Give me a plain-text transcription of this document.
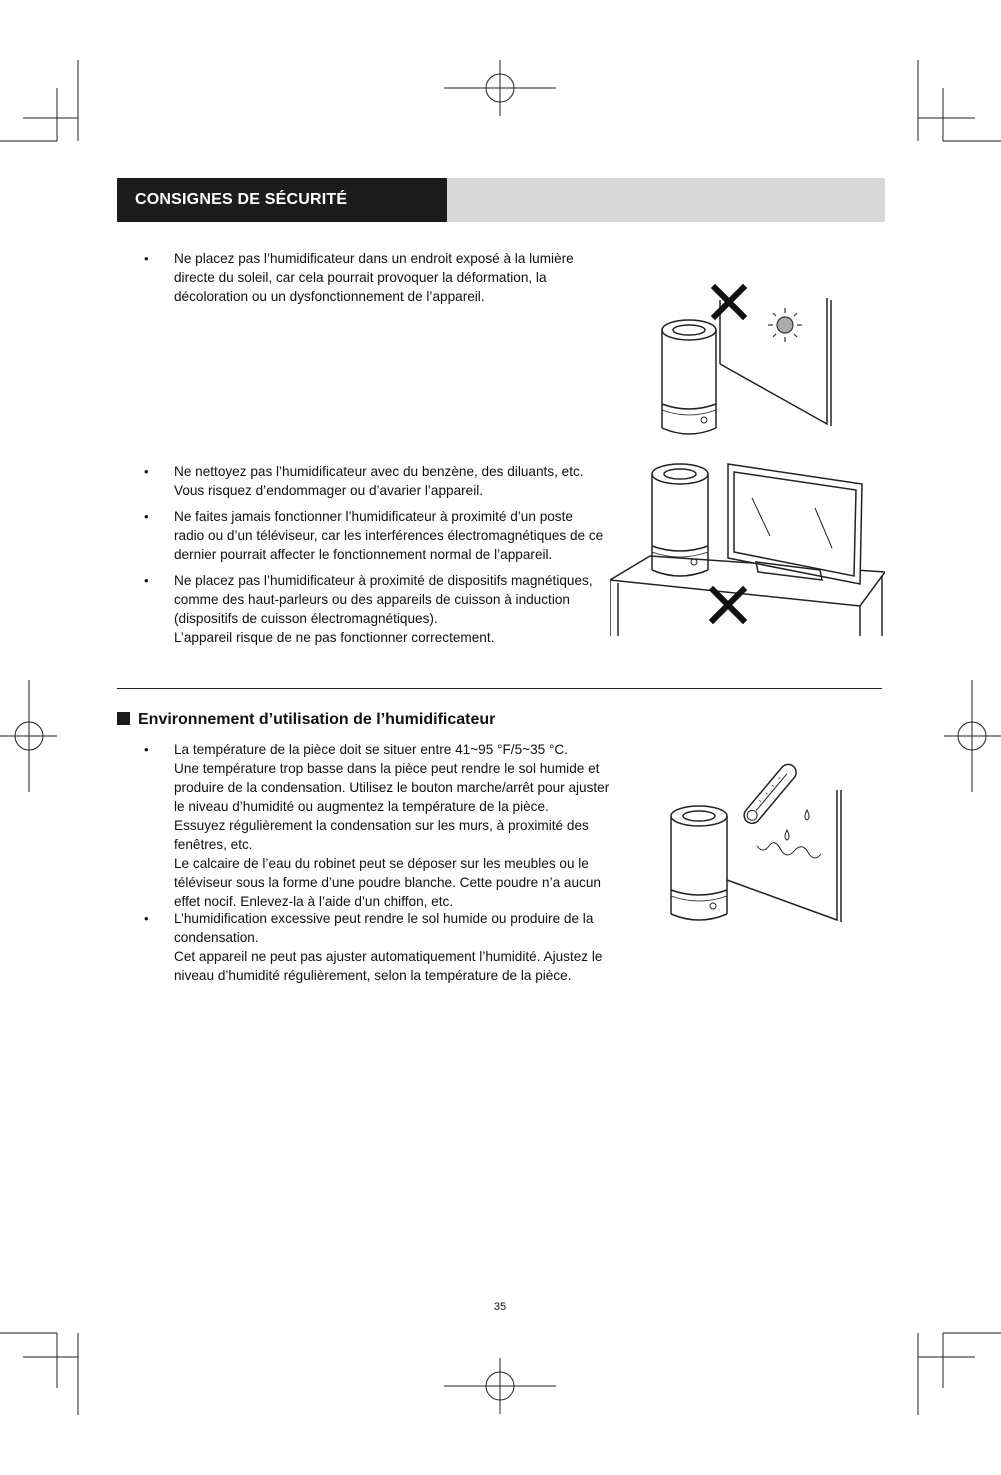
CONSIGNES DE SÉCURITÉ IMPORTANTES
• Ne placez pas l’humidificateur dans un endroit exposé à la lumière

directe du soleil, car cela pourrait provoquer la déformation, la

décoloration ou un dysfonctionnement de l’appareil.

• Ne nettoyez pas l’humidificateur avec du benzène, des diluants, etc.

Vous risquez d’endommager ou d’avarier l’appareil.

• Ne faites jamais fonctionner l’humidificateur à proximité d’un poste

radio ou d’un téléviseur, car les interférences électromagnétiques de ce

dernier pourrait affecter le fonctionnement normal de l’appareil.

• Ne placez pas l’humidificateur à proximité de dispositifs magnétiques,

comme des haut-parleurs ou des appareils de cuisson à induction

(dispositifs de cuisson électromagnétiques).

L’appareil risque de ne pas fonctionner correctement.

Environnement d’utilisation de l’humidificateur
• La température de la pièce doit se situer entre 41~95 °F/5~35 °C.

Une température trop basse dans la pièce peut rendre le sol humide et

produire de la condensation. Utilisez le bouton marche/arrêt pour ajuster

le niveau d’humidité ou augmentez la température de la pièce.

Essuyez régulièrement la condensation sur les murs, à proximité des

fenêtres, etc.

Le calcaire de l’eau du robinet peut se déposer sur les meubles ou le

téléviseur sous la forme d’une poudre blanche. Cette poudre n’a aucun

effet nocif. Enlevez-la à l’aide d’un chiffon, etc.

• L’humidification excessive peut rendre le sol humide ou produire de la

condensation.

Cet appareil ne peut pas ajuster automatiquement l’humidité. Ajustez le

niveau d’humidité régulièrement, selon la température de la pièce.

35
